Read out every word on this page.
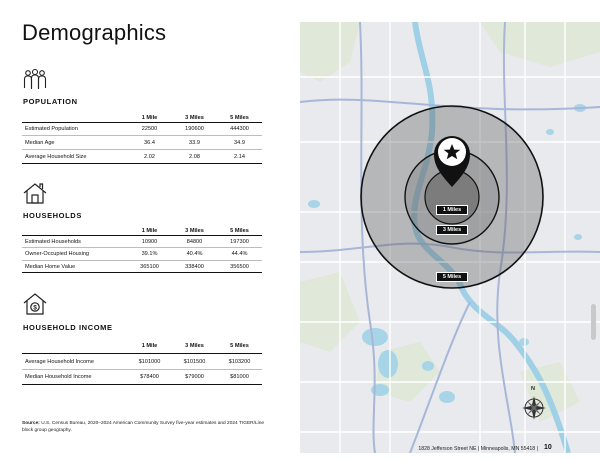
Demographics
POPULATION
1 Mile	3 Miles	5 Miles
Estimated Population	22500	190600	444300
Median Age	36.4	33.9	34.9
Average Household Size	2.02	2.08	2.14
HOUSEHOLDS
1 Mile	3 Miles	5 Miles
Estimated Households	10900	84800	197300
Owner-Occupied Housing	39.1%	40.4%	44.4%
Median Home Value	365100	338400	356500
$
HOUSEHOLD INCOME
1 Mile	3 Miles	5 Miles
Average Household Income	$101000	$101500	$103200
Median Household Income	$78400	$79000	$81000
Source: U.S. Census Bureau, 2020–2024 American Community Survey five-year estimates and 2024 TIGER/Line block group geography.
1 Miles
3 Miles
5 Miles
N
1828 Jefferson Street NE | Minneapolis, MN 55418 | 10
